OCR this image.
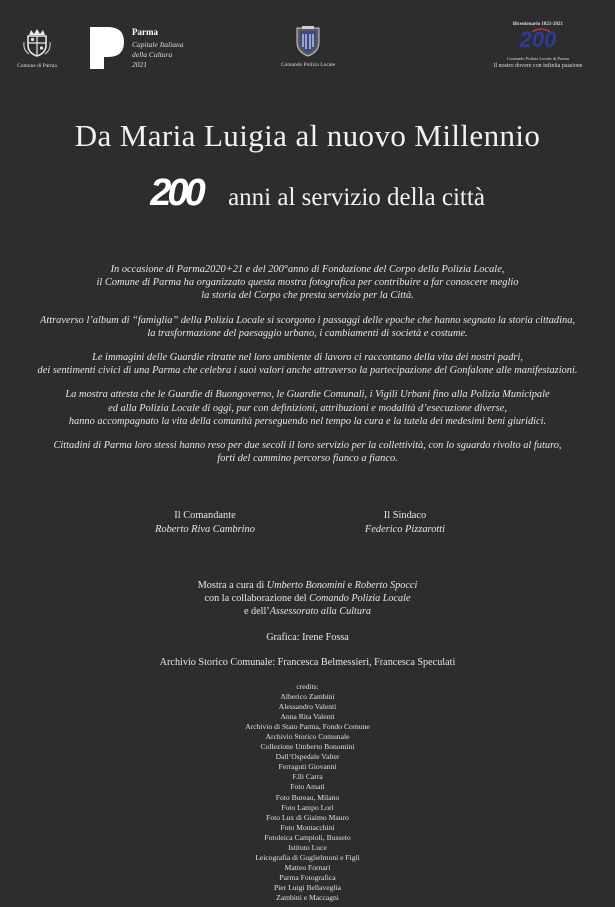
Comune di Parma
Parma
Capitale Italiana
della Cultura
2021	Comando Polizia Locale
Bicentenario 1821-2021
200
Comando Polizia Locale di Parma
Il nostro dovere con infinita passione
Da Maria Luigia al nuovo Millennio
200 anni al servizio della città

In occasione di Parma2020+21 e del 200°anno di Fondazione del Corpo della Polizia Locale,
il Comune di Parma ha organizzato questa mostra fotografica per contribuire a far conoscere meglio
la storia del Corpo che presta servizio per la Città.

Attraverso l’album di “famiglia” della Polizia Locale si scorgono i passaggi delle epoche che hanno segnato la storia cittadina,
la trasformazione del paesaggio urbano, i cambiamenti di società e costume.

Le immagini delle Guardie ritratte nel loro ambiente di lavoro ci raccontano della vita dei nostri padri,
dei sentimenti civici di una Parma che celebra i suoi valori anche attraverso la partecipazione del Gonfalone alle manifestazioni.

La mostra attesta che le Guardie di Buongoverno, le Guardie Comunali, i Vigili Urbani fino alla Polizia Municipale
ed alla Polizia Locale di oggi, pur con definizioni, attribuzioni e modalità d’esecuzione diverse,
hanno accompagnato la vita della comunità perseguendo nel tempo la cura e la tutela dei medesimi beni giuridici.

Cittadini di Parma loro stessi hanno reso per due secoli il loro servizio per la collettività, con lo sguardo rivolto al futuro,
forti del cammino percorso fianco a fianco.

Il Comandante
Roberto Riva Cambrino
Il Sindaco
Federico Pizzarotti
Mostra a cura di Umberto Bonomini e Roberto Spocci
con la collaborazione del Comando Polizia Locale
e dell’Assessorato alla Cultura
Grafica: Irene Fossa
Archivio Storico Comunale: Francesca Belmessieri, Francesca Speculati
credits:
Alberico Zambini
Alessandro Valenti
Anna Rita Valenti
Archivio di Stato Parma, Fondo Comune
Archivio Storico Comunale
Collezione Umberto Bonomini
Dall’Ospedale Valter
Ferraguti Giovanni
F.lli Carra
Foto Amati
Foto Bureau, Milano
Foto Lampo Lori
Foto Lux di Giaimo Mauro
Foto Montacchini
Fotoleica Campioli, Busseto
Istituto Luce
Leicografia di Guglielmoni e Figli
Matteo Fornari
Parma Fotografica
Pier Luigi Bellaveglia
Zambini e Maccagni
